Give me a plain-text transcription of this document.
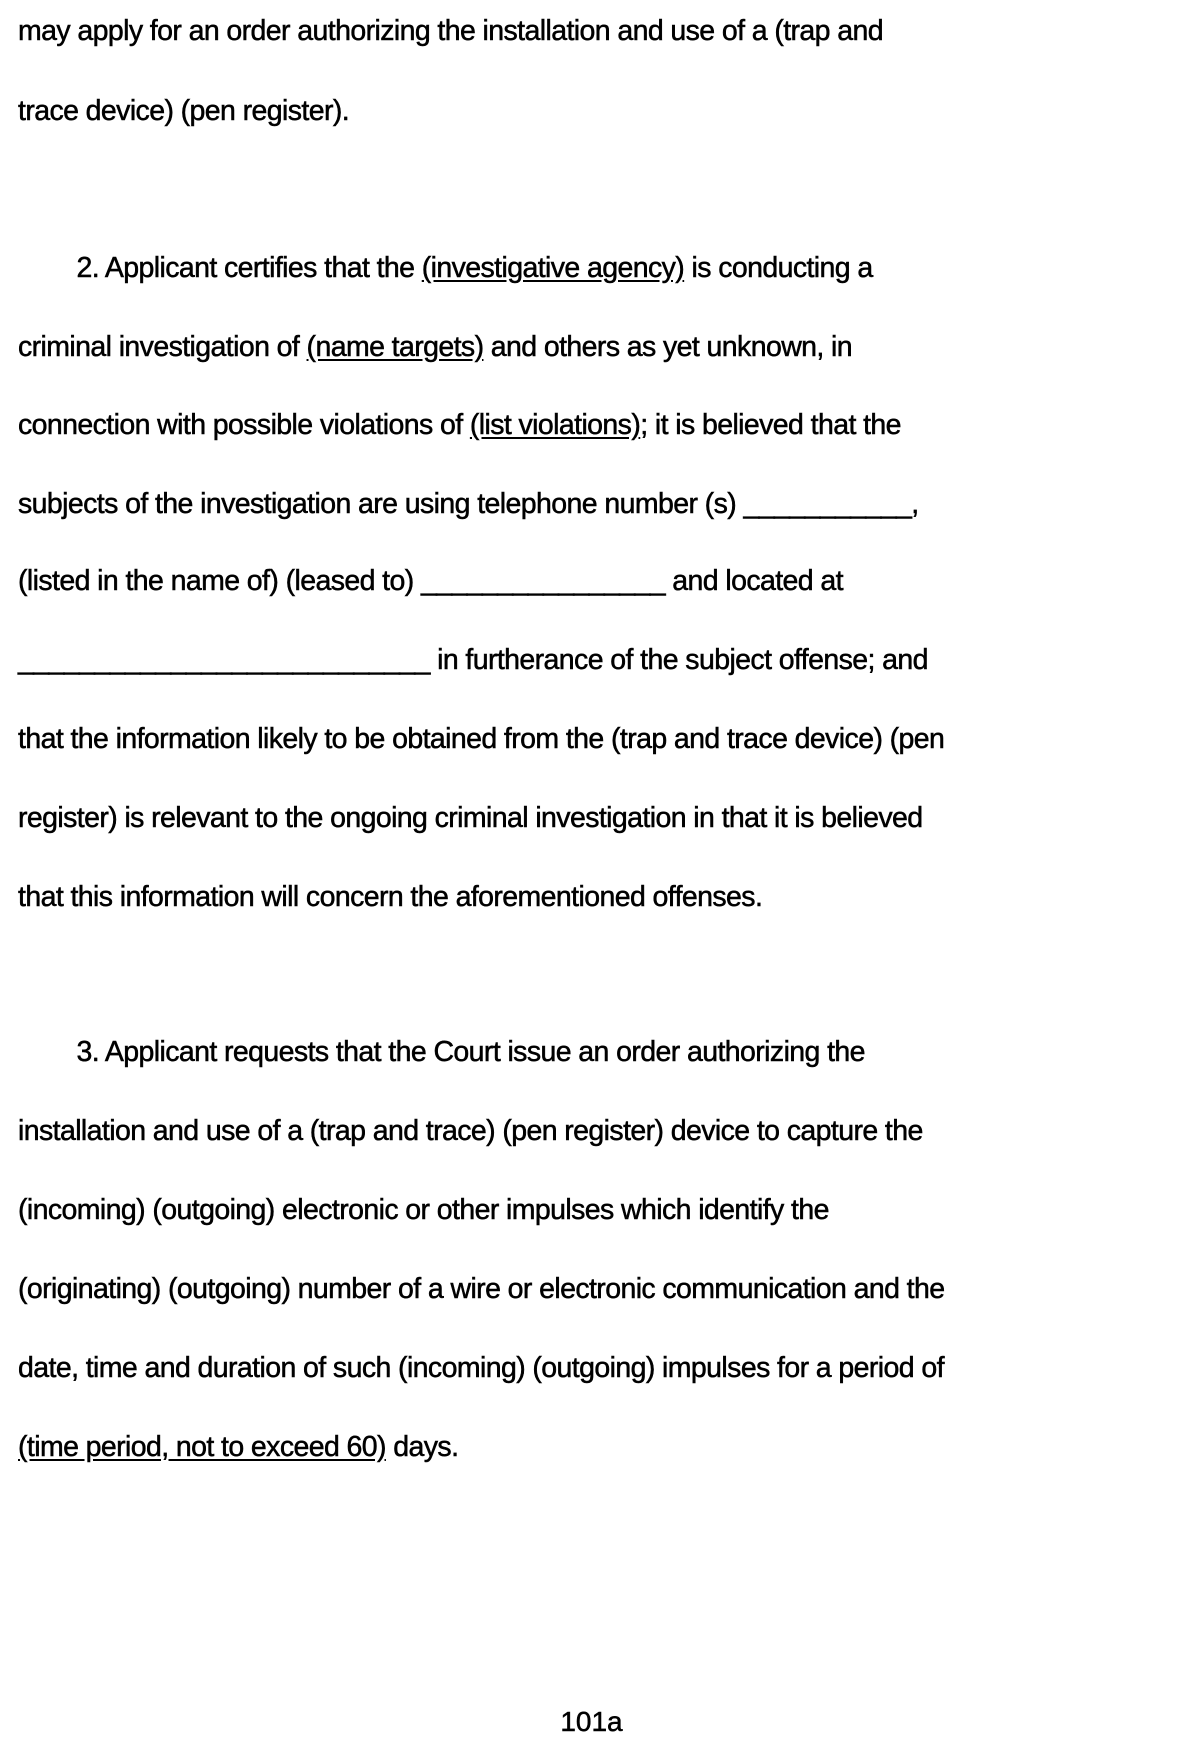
may apply for an order authorizing the installation and use of a (trap and
trace device) (pen register).
2. Applicant certifies that the (investigative agency) is conducting a
criminal investigation of (name targets) and others as yet unknown, in
connection with possible violations of (list violations); it is believed that the
subjects of the investigation are using telephone number (s) ___________,
(listed in the name of) (leased to) ________________ and located at
___________________________ in furtherance of the subject offense; and
that the information likely to be obtained from the (trap and trace device) (pen
register) is relevant to the ongoing criminal investigation in that it is believed
that this information will concern the aforementioned offenses.
3. Applicant requests that the Court issue an order authorizing the
installation and use of a (trap and trace) (pen register) device to capture the
(incoming) (outgoing) electronic or other impulses which identify the
(originating) (outgoing) number of a wire or electronic communication and the
date, time and duration of such (incoming) (outgoing) impulses for a period of
(time period, not to exceed 60) days.
101a
